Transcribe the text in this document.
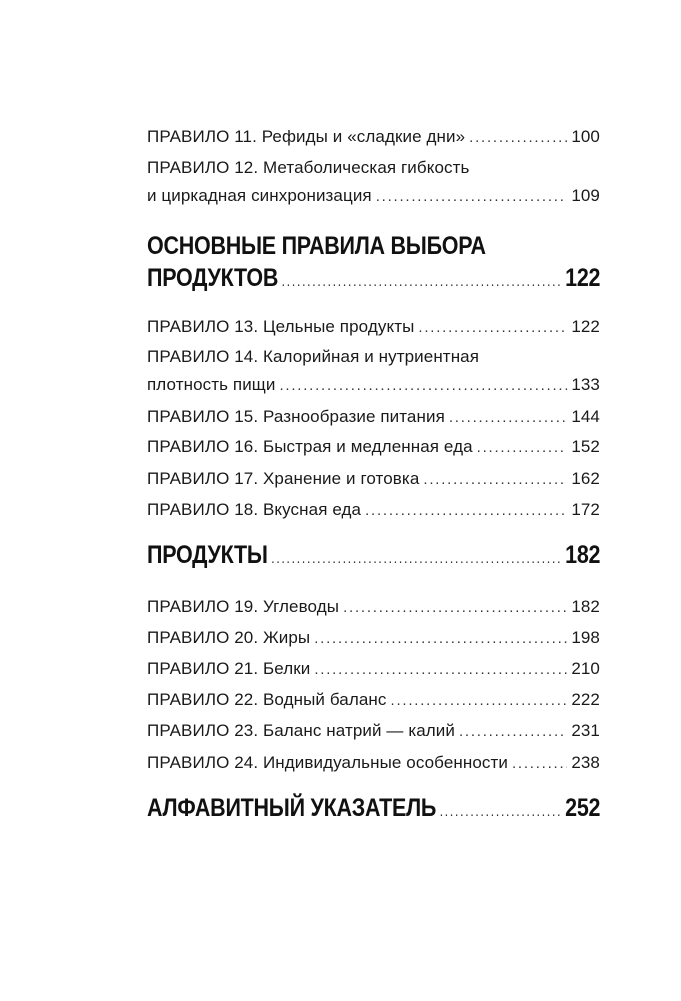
ПРАВИЛО 11. Рефиды и «сладкие дни» . . .	100
ПРАВИЛО 12. Метаболическая гибкость
и циркадная синхронизация . . .	109
ОСНОВНЫЕ ПРАВИЛА ВЫБОРА
ПРОДУКТОВ . . .	122
ПРАВИЛО 13. Цельные продукты . . .	122
ПРАВИЛО 14. Калорийная и нутриентная
плотность пищи . . .	133
ПРАВИЛО 15. Разнообразие питания . . .	144
ПРАВИЛО 16. Быстрая и медленная еда . . .	152
ПРАВИЛО 17. Хранение и готовка . . .	162
ПРАВИЛО 18. Вкусная еда . . .	172
ПРОДУКТЫ . . .	182
ПРАВИЛО 19. Углеводы . . .	182
ПРАВИЛО 20. Жиры . . .	198
ПРАВИЛО 21. Белки . . .	210
ПРАВИЛО 22. Водный баланс . . .	222
ПРАВИЛО 23. Баланс натрий — калий . . .	231
ПРАВИЛО 24. Индивидуальные особенности . . .	238
АЛФАВИТНЫЙ УКАЗАТЕЛЬ . . .	252
